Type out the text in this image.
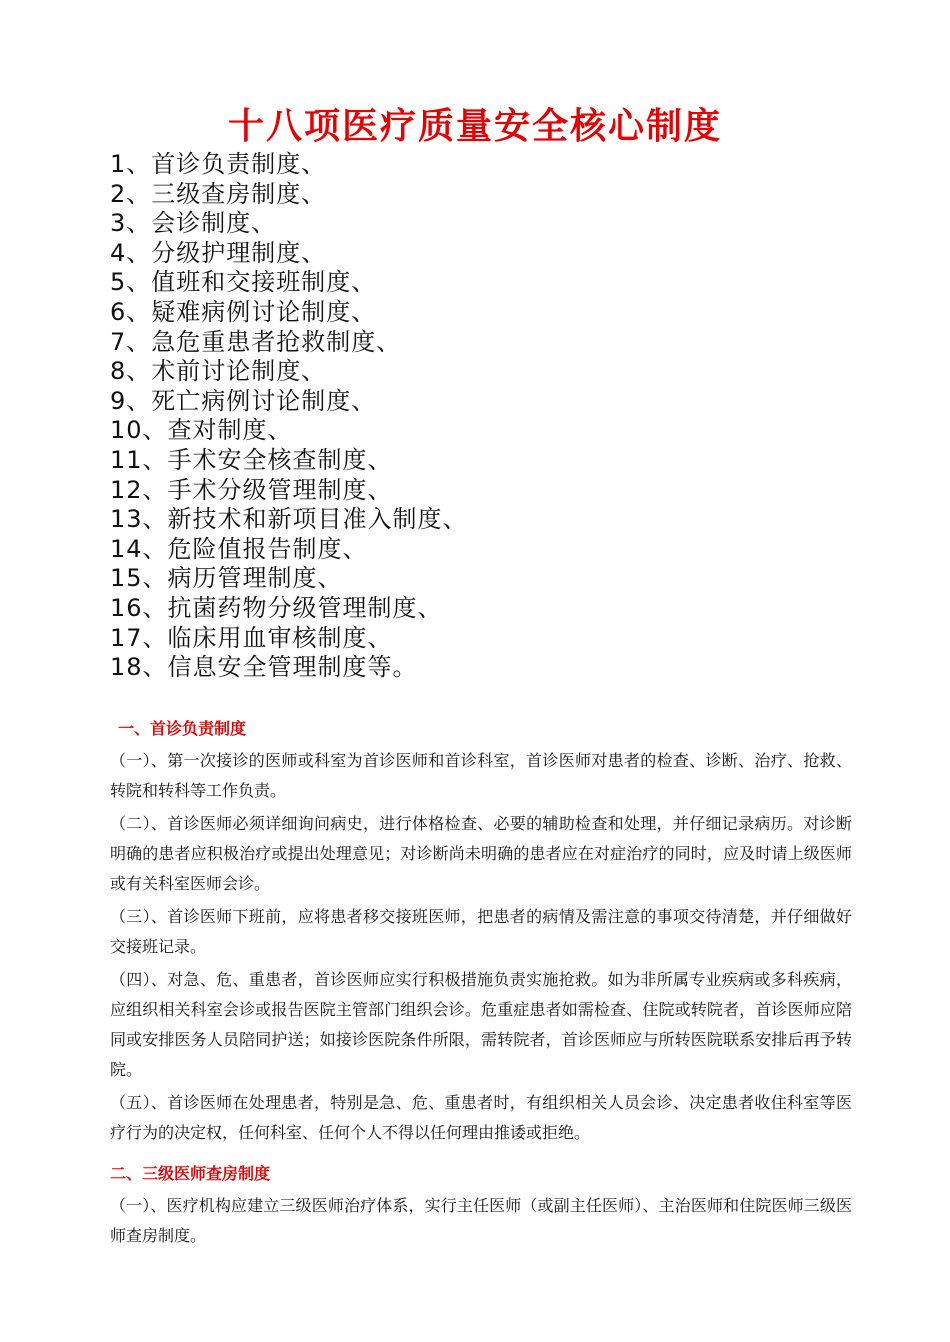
十八项医疗质量安全核心制度
1、首诊负责制度、
2、三级查房制度、
3、会诊制度、
4、分级护理制度、
5、值班和交接班制度、
6、疑难病例讨论制度、
7、急危重患者抢救制度、
8、术前讨论制度、
9、死亡病例讨论制度、
10、查对制度、
11、手术安全核查制度、
12、手术分级管理制度、
13、新技术和新项目准入制度、
14、危险值报告制度、
15、病历管理制度、
16、抗菌药物分级管理制度、
17、临床用血审核制度、
18、信息安全管理制度等。
一、首诊负责制度

（一）、第一次接诊的医师或科室为首诊医师和首诊科室，首诊医师对患者的检查、诊断、治疗、抢救、转院和转科等工作负责。

（二）、首诊医师必须详细询问病史，进行体格检查、必要的辅助检查和处理，并仔细记录病历。对诊断明确的患者应积极治疗或提出处理意见；对诊断尚未明确的患者应在对症治疗的同时，应及时请上级医师或有关科室医师会诊。

（三）、首诊医师下班前，应将患者移交接班医师，把患者的病情及需注意的事项交待清楚，并仔细做好交接班记录。

（四）、对急、危、重患者，首诊医师应实行积极措施负责实施抢救。如为非所属专业疾病或多科疾病，应组织相关科室会诊或报告医院主管部门组织会诊。危重症患者如需检查、住院或转院者，首诊医师应陪同或安排医务人员陪同护送；如接诊医院条件所限，需转院者，首诊医师应与所转医院联系安排后再予转院。

（五）、首诊医师在处理患者，特别是急、危、重患者时，有组织相关人员会诊、决定患者收住科室等医疗行为的决定权，任何科室、任何个人不得以任何理由推诿或拒绝。

二、三级医师查房制度

（一）、医疗机构应建立三级医师治疗体系，实行主任医师（或副主任医师）、主治医师和住院医师三级医师查房制度。
